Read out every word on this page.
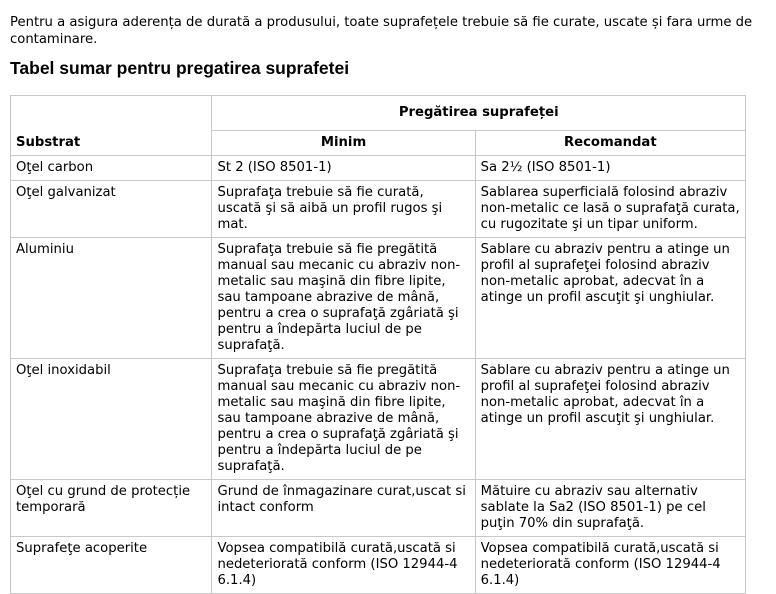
Pentru a asigura aderența de durată a produsului, toate suprafețele trebuie să fie curate, uscate și fara urme de contaminare.
Tabel sumar pentru pregatirea suprafetei
	Pregătirea suprafeței	
Substrat	Minim	Recomandat
Oţel carbon	St 2 (ISO 8501-1)	Sa 2½ (ISO 8501-1)
Oţel galvanizat	Suprafaţa trebuie să fie curată, uscată şi să aibă un profil rugos şi mat.	Sablarea superficială folosind abraziv non-metalic ce lasă o suprafaţă curata, cu rugozitate şi un tipar uniform.
Aluminiu	Suprafaţa trebuie să fie pregătită manual sau mecanic cu abraziv non-metalic sau maşină din fibre lipite, sau tampoane abrazive de mână, pentru a crea o suprafaţă zgâriată şi pentru a îndepărta luciul de pe suprafaţă.	Sablare cu abraziv pentru a atinge un profil al suprafeţei folosind abraziv non-metalic aprobat, adecvat în a atinge un profil ascuţit şi unghiular.
Oţel inoxidabil	Suprafaţa trebuie să fie pregătită manual sau mecanic cu abraziv non-metalic sau maşină din fibre lipite, sau tampoane abrazive de mână, pentru a crea o suprafaţă zgâriată şi pentru a îndepărta luciul de pe suprafaţă.	Sablare cu abraziv pentru a atinge un profil al suprafeţei folosind abraziv non-metalic aprobat, adecvat în a atinge un profil ascuţit şi unghiular.
Oţel cu grund de protecție temporară	Grund de înmagazinare curat,uscat si intact conform	Mătuire cu abraziv sau alternativ sablate la Sa2 (ISO 8501-1) pe cel puţin 70% din suprafaţă.
Suprafeţe acoperite	Vopsea compatibilă curată,uscată si nedeteriorată conform (ISO 12944-4 6.1.4)	Vopsea compatibilă curată,uscată si nedeteriorată conform (ISO 12944-4 6.1.4)
